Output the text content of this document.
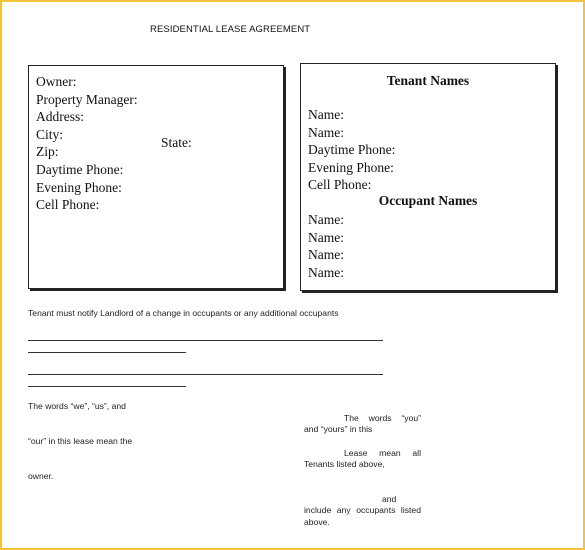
RESIDENTIAL LEASE AGREEMENT
Owner:
Property Manager:
Address:
City:
Zip:
Daytime Phone:
Evening Phone:
Cell Phone:
State:
Tenant Names
Name:
Name:
Daytime Phone:
Evening Phone:
Cell Phone:
Occupant Names
Name:
Name:
Name:
Name:
Tenant must notify Landlord of a change in occupants or any additional occupants
The words “we”, “us”, and
“our” in this lease mean the
owner.
The words “you”
and “yours” in this
Lease mean all
Tenants listed above,
and
include any occupants listed
above.
